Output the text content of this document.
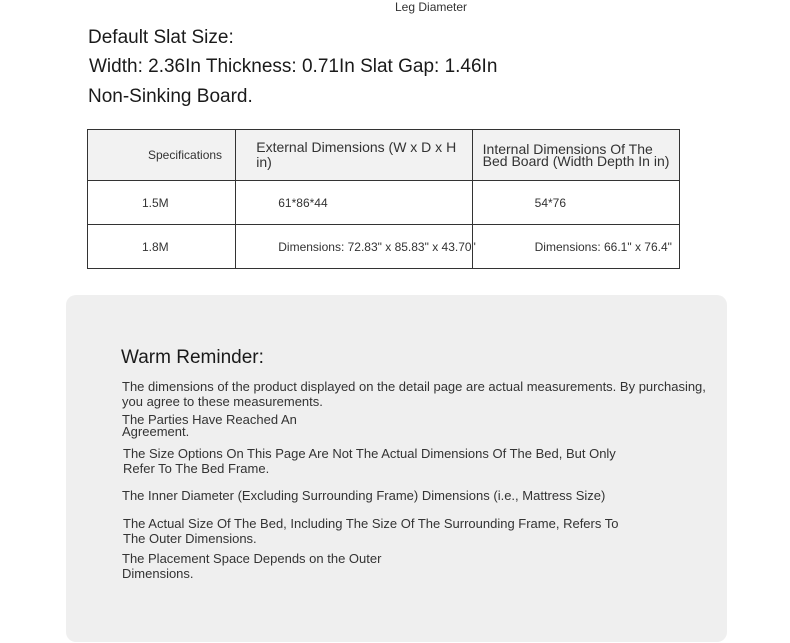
Leg Diameter
Default Slat Size:
Width: 2.36In Thickness: 0.71In Slat Gap: 1.46In
Non-Sinking Board.
Specifications	External Dimensions (W x D x H in)	Internal Dimensions Of The Bed Board (Width Depth In in)
1.5M	61*86*44	54*76
1.8M	Dimensions: 72.83" x 85.83" x 43.70"	Dimensions: 66.1" x 76.4"
Warm Reminder:
The dimensions of the product displayed on the detail page are actual measurements. By purchasing, you agree to these measurements.
The Parties Have Reached An Agreement.
The Size Options On This Page Are Not The Actual Dimensions Of The Bed, But Only Refer To The Bed Frame.
The Inner Diameter (Excluding Surrounding Frame) Dimensions (i.e., Mattress Size)
The Actual Size Of The Bed, Including The Size Of The Surrounding Frame, Refers To The Outer Dimensions.
The Placement Space Depends on the Outer Dimensions.
